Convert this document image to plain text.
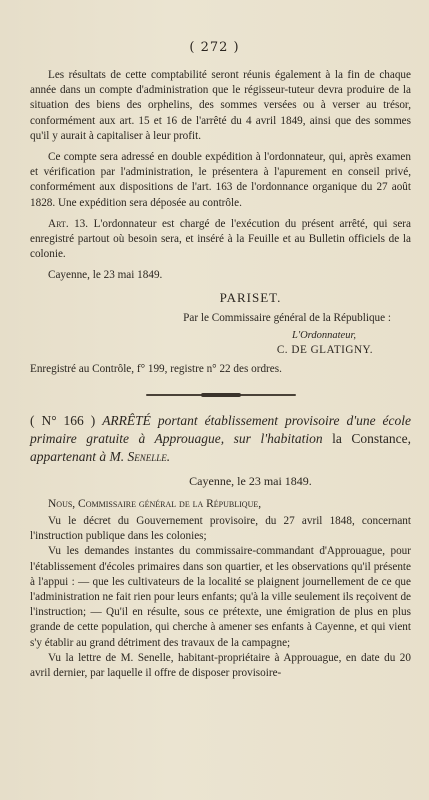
( 272 )

Les résultats de cette comptabilité seront réunis également à la fin de chaque année dans un compte d'administration que le régisseur-tuteur devra produire de la situation des biens des orphelins, des sommes versées ou à verser au trésor, conformément aux art. 15 et 16 de l'arrêté du 4 avril 1849, ainsi que des sommes qu'il y aurait à capitaliser à leur profit.

Ce compte sera adressé en double expédition à l'ordonnateur, qui, après examen et vérification par l'administration, le présentera à l'apurement en conseil privé, conformément aux dispositions de l'art. 163 de l'ordonnance organique du 27 août 1828. Une expédition sera déposée au contrôle.

Art. 13. L'ordonnateur est chargé de l'exécution du présent arrêté, qui sera enregistré partout où besoin sera, et inséré à la Feuille et au Bulletin officiels de la colonie.

Cayenne, le 23 mai 1849.

PARISET.
Par le Commissaire général de la République :
L'Ordonnateur,
C. DE GLATIGNY.

Enregistré au Contrôle, f° 199, registre n° 22 des ordres.

( N° 166 ) ARRÊTÉ portant établissement provisoire d'une école primaire gratuite à Approuague, sur l'habitation la Constance, appartenant à M. Senelle.

Cayenne, le 23 mai 1849.

Nous, Commissaire général de la République,

Vu le décret du Gouvernement provisoire, du 27 avril 1848, concernant l'instruction publique dans les colonies;

Vu les demandes instantes du commissaire-commandant d'Approuague, pour l'établissement d'écoles primaires dans son quartier, et les observations qu'il présente à l'appui : — que les cultivateurs de la localité se plaignent journellement de ce que l'administration ne fait rien pour leurs enfants; qu'à la ville seulement ils reçoivent de l'instruction; — Qu'il en résulte, sous ce prétexte, une émigration de plus en plus grande de cette population, qui cherche à amener ses enfants à Cayenne, et qui vient s'y établir au grand détriment des travaux de la campagne;

Vu la lettre de M. Senelle, habitant-propriétaire à Approuague, en date du 20 avril dernier, par laquelle il offre de disposer provisoire-
